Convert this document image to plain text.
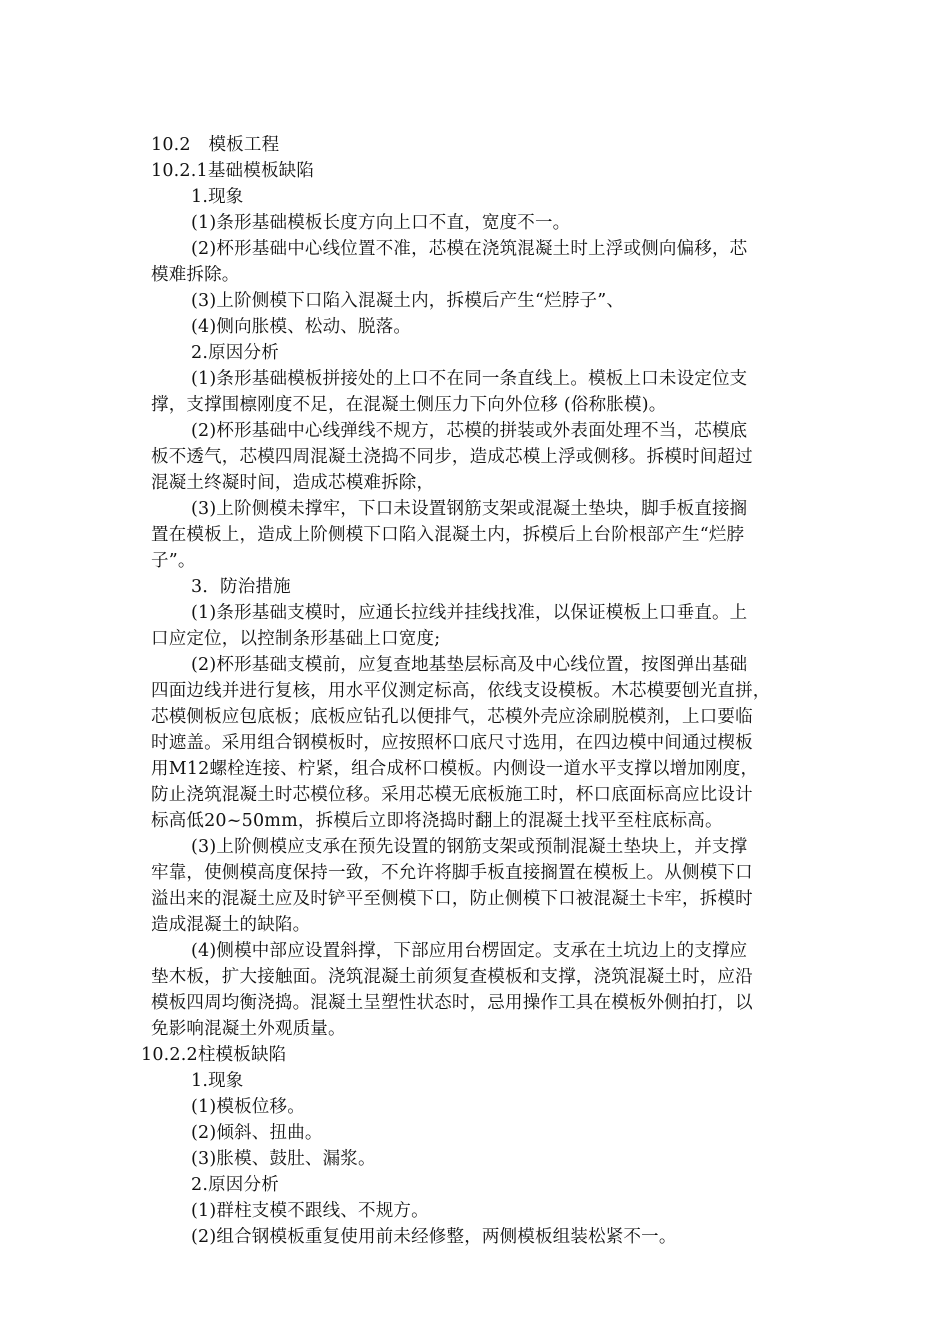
10.2　模板工程
10.2.1基础模板缺陷
1.现象
(1)条形基础模板长度方向上口不直，宽度不一。
(2)杯形基础中心线位置不准，芯模在浇筑混凝土时上浮或侧向偏移，芯
模难拆除。
(3)上阶侧模下口陷入混凝土内，拆模后产生“烂脖子”、
(4)侧向胀模、松动、脱落。
2.原因分析
(1)条形基础模板拼接处的上口不在同一条直线上。模板上口未设定位支
撑，支撑围檩刚度不足，在混凝土侧压力下向外位移 (俗称胀模)。
(2)杯形基础中心线弹线不规方，芯模的拼装或外表面处理不当，芯模底
板不透气，芯模四周混凝土浇捣不同步，造成芯模上浮或侧移。拆模时间超过
混凝土终凝时间，造成芯模难拆除，
(3)上阶侧模未撑牢，下口未设置钢筋支架或混凝土垫块，脚手板直接搁
置在模板上，造成上阶侧模下口陷入混凝土内，拆模后上台阶根部产生“烂脖
子”。
3．防治措施
(1)条形基础支模时，应通长拉线并挂线找准，以保证模板上口垂直。上
口应定位，以控制条形基础上口宽度;
(2)杯形基础支模前，应复查地基垫层标高及中心线位置，按图弹出基础
四面边线并进行复核，用水平仪测定标高，依线支设模板。木芯模要刨光直拼，
芯模侧板应包底板；底板应钻孔以便排气，芯模外壳应涂刷脱模剂，上口要临
时遮盖。采用组合钢模板时，应按照杯口底尺寸选用，在四边模中间通过楔板
用M12螺栓连接、柠紧，组合成杯口模板。内侧设一道水平支撑以增加刚度，
防止浇筑混凝土时芯模位移。采用芯模无底板施工时，杯口底面标高应比设计
标高低20~50mm，拆模后立即将浇捣时翻上的混凝土找平至柱底标高。
(3)上阶侧模应支承在预先设置的钢筋支架或预制混凝土垫块上，并支撑
牢靠，使侧模高度保持一致，不允许将脚手板直接搁置在模板上。从侧模下口
溢出来的混凝土应及时铲平至侧模下口，防止侧模下口被混凝土卡牢，拆模时
造成混凝土的缺陷。
(4)侧模中部应设置斜撑，下部应用台楞固定。支承在土坑边上的支撑应
垫木板，扩大接触面。浇筑混凝土前须复查模板和支撑，浇筑混凝土时，应沿
模板四周均衡浇捣。混凝土呈塑性状态时，忌用操作工具在模板外侧拍打，以
免影响混凝土外观质量。
10.2.2柱模板缺陷
1.现象
(1)模板位移。
(2)倾斜、扭曲。
(3)胀模、鼓肚、漏浆。
2.原因分析
(1)群柱支模不跟线、不规方。
(2)组合钢模板重复使用前未经修整，两侧模板组装松紧不一。
